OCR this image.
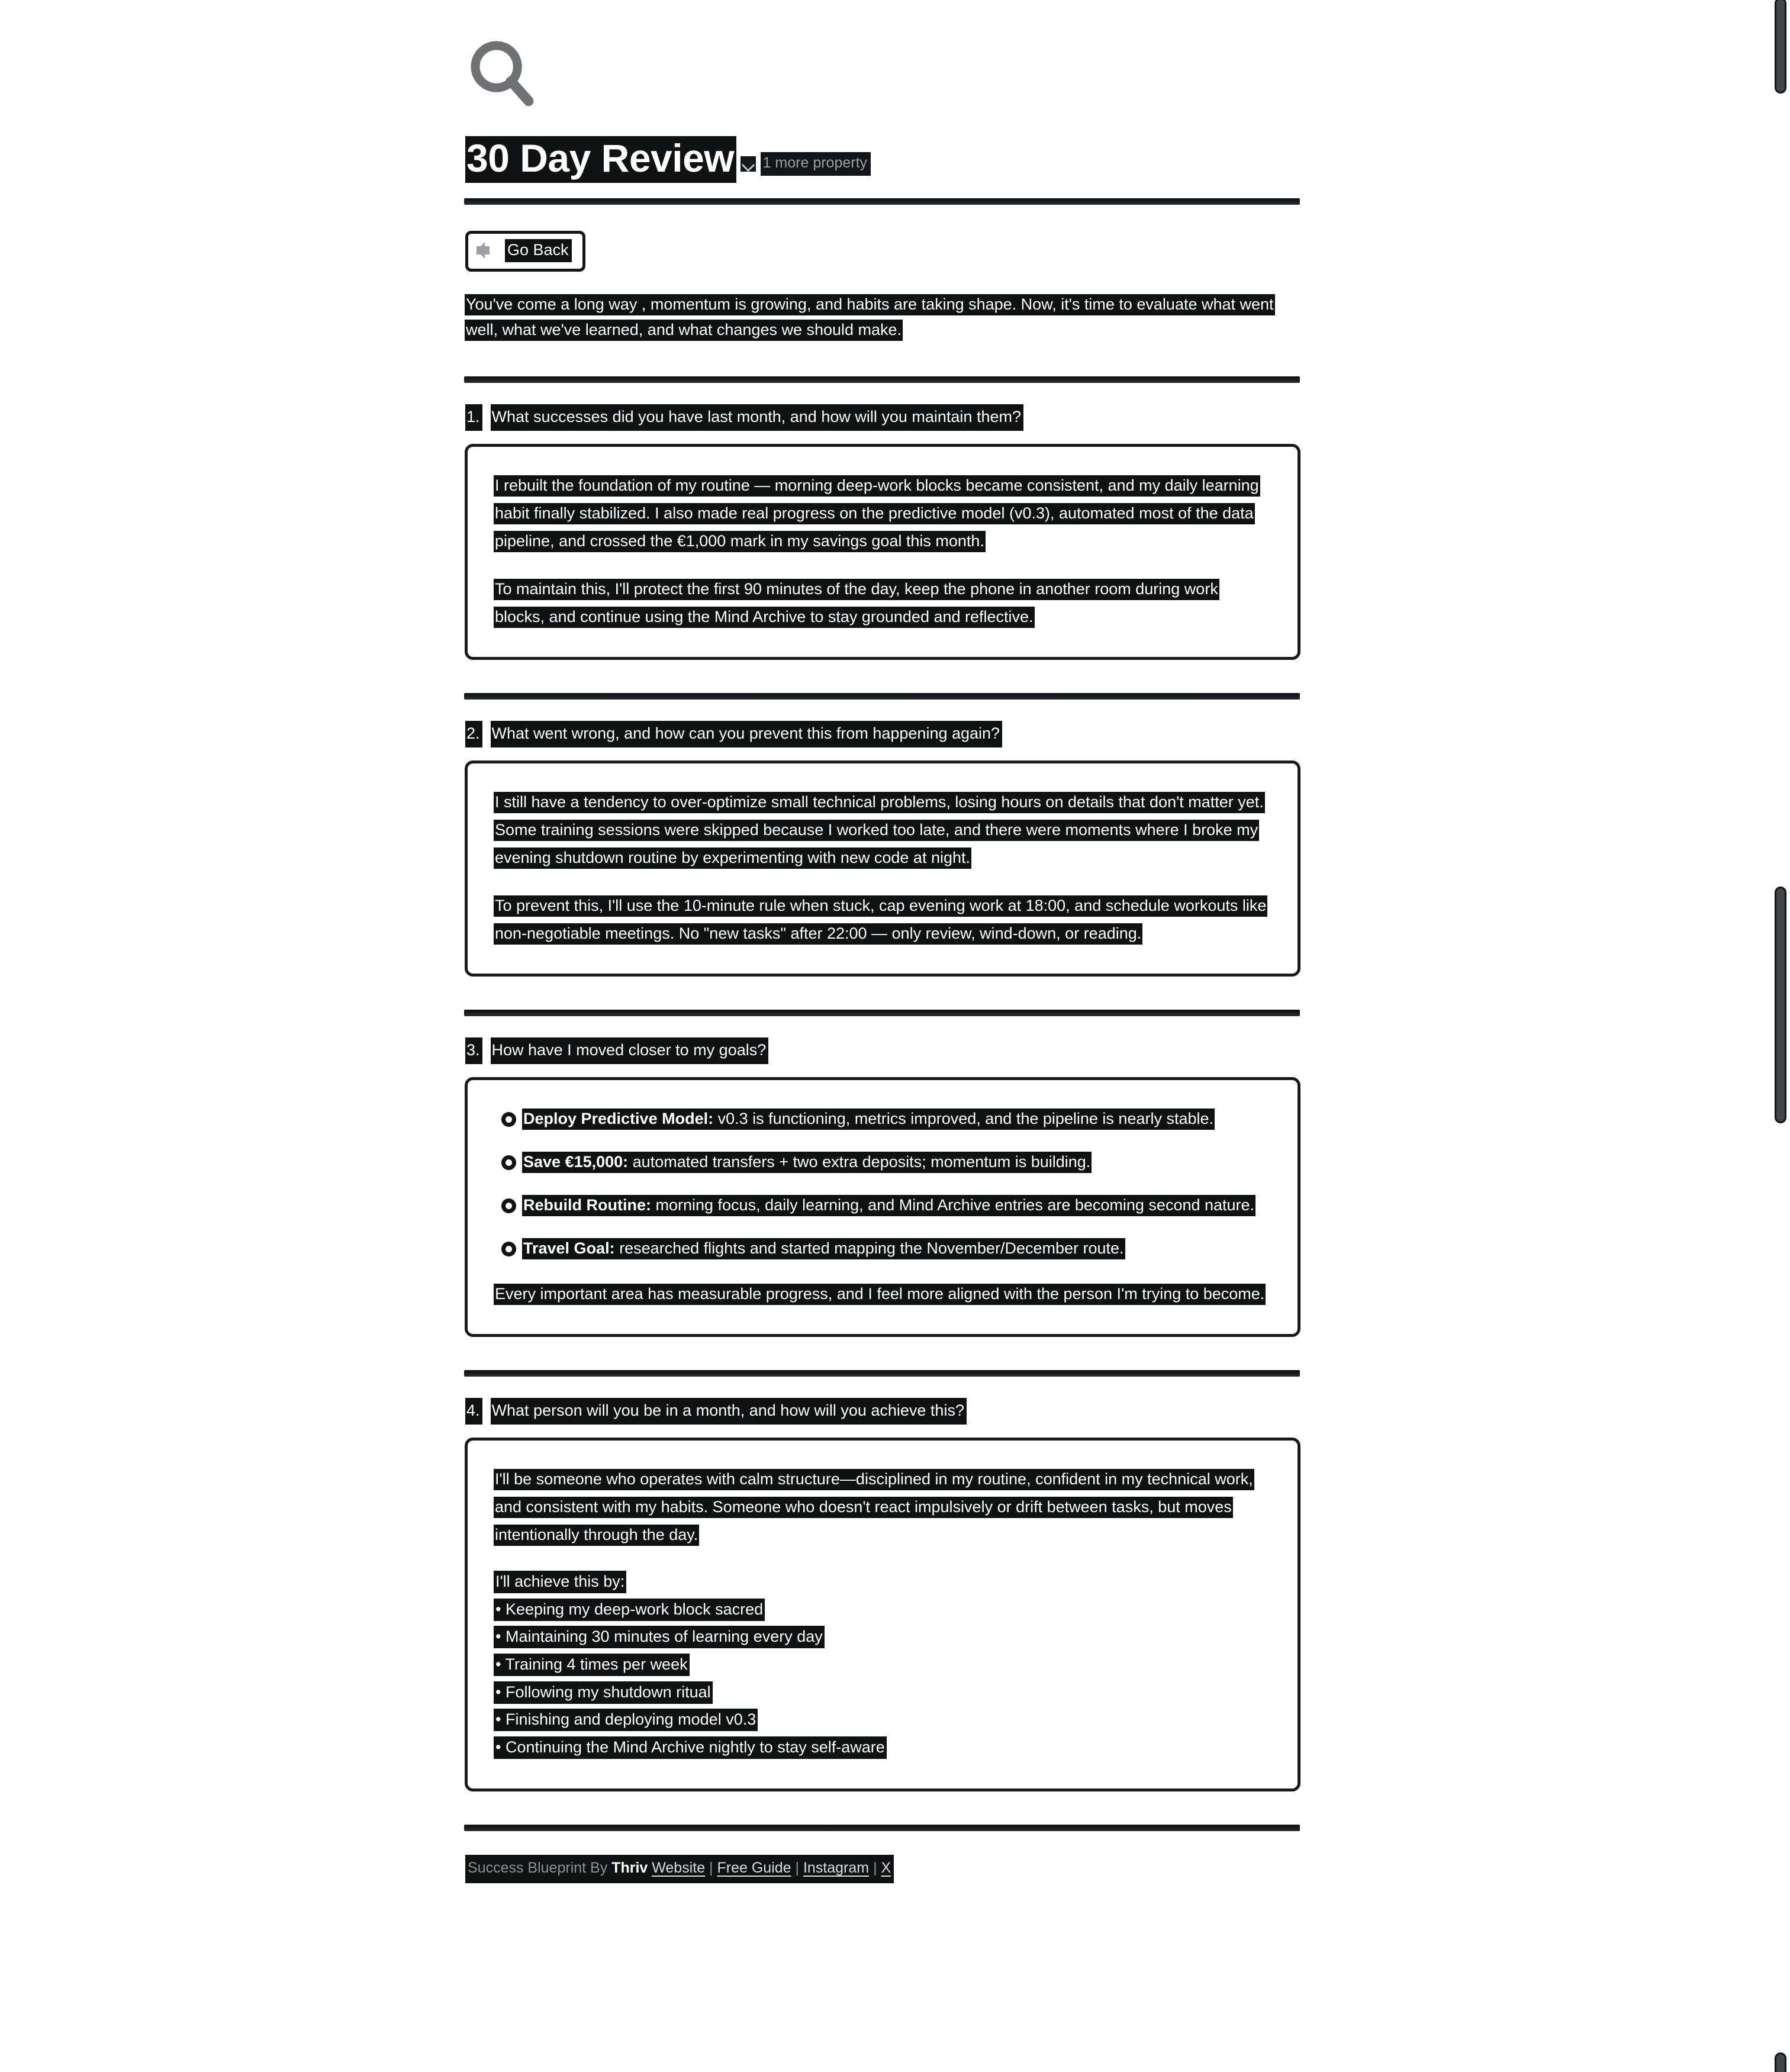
30 Day Review 1 more property
Go Back

You've come a long way , momentum is growing, and habits are taking shape. Now, it's time to evaluate what went well, what we've learned, and what changes we should make.

1. What successes did you have last month, and how will you maintain them?

I rebuilt the foundation of my routine — morning deep-work blocks became consistent, and my daily learning habit finally stabilized. I also made real progress on the predictive model (v0.3), automated most of the data pipeline, and crossed the €1,000 mark in my savings goal this month.

To maintain this, I'll protect the first 90 minutes of the day, keep the phone in another room during work blocks, and continue using the Mind Archive to stay grounded and reflective.

2. What went wrong, and how can you prevent this from happening again?

I still have a tendency to over-optimize small technical problems, losing hours on details that don't matter yet. Some training sessions were skipped because I worked too late, and there were moments where I broke my evening shutdown routine by experimenting with new code at night.

To prevent this, I'll use the 10-minute rule when stuck, cap evening work at 18:00, and schedule workouts like non-negotiable meetings. No "new tasks" after 22:00 — only review, wind-down, or reading.

3. How have I moved closer to my goals?
Deploy Predictive Model: v0.3 is functioning, metrics improved, and the pipeline is nearly stable.
Save €15,000: automated transfers + two extra deposits; momentum is building.
Rebuild Routine: morning focus, daily learning, and Mind Archive entries are becoming second nature.
Travel Goal: researched flights and started mapping the November/December route.

Every important area has measurable progress, and I feel more aligned with the person I'm trying to become.

4. What person will you be in a month, and how will you achieve this?

I'll be someone who operates with calm structure—disciplined in my routine, confident in my technical work, and consistent with my habits. Someone who doesn't react impulsively or drift between tasks, but moves intentionally through the day.

I'll achieve this by:
• Keeping my deep-work block sacred
• Maintaining 30 minutes of learning every day
• Training 4 times per week
• Following my shutdown ritual
• Finishing and deploying model v0.3
• Continuing the Mind Archive nightly to stay self-aware
Success Blueprint By Thriv Website | Free Guide | Instagram | X
